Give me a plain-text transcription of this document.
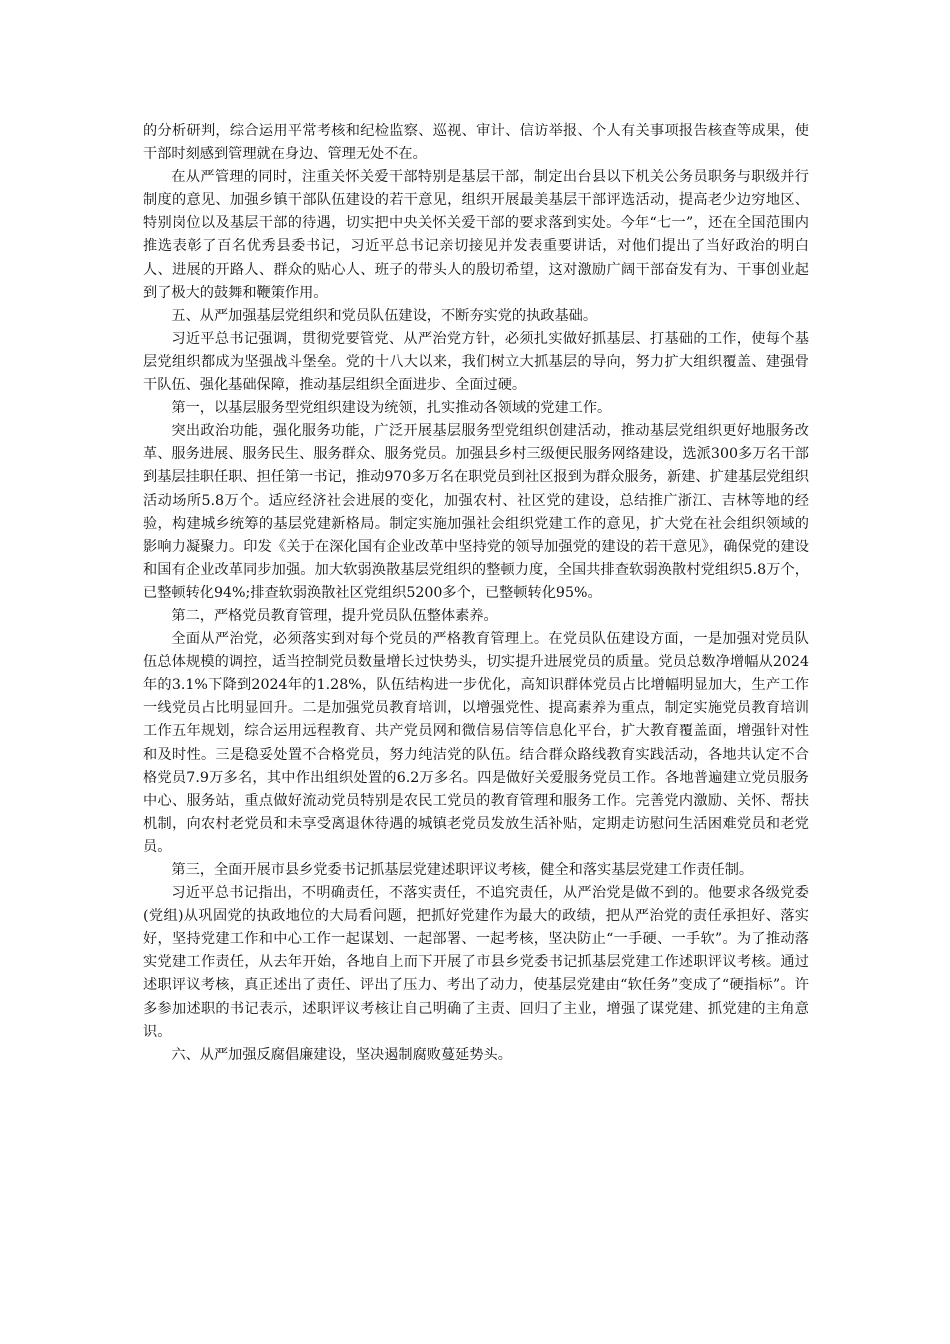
的分析研判，综合运用平常考核和纪检监察、巡视、审计、信访举报、个人有关事项报告核查等成果，使干部时刻感到管理就在身边、管理无处不在。

在从严管理的同时，注重关怀关爱干部特别是基层干部，制定出台县以下机关公务员职务与职级并行制度的意见、加强乡镇干部队伍建设的若干意见，组织开展最美基层干部评选活动，提高老少边穷地区、特别岗位以及基层干部的待遇，切实把中央关怀关爱干部的要求落到实处。今年“七一”，还在全国范围内推选表彰了百名优秀县委书记，习近平总书记亲切接见并发表重要讲话，对他们提出了当好政治的明白人、进展的开路人、群众的贴心人、班子的带头人的殷切希望，这对激励广阔干部奋发有为、干事创业起到了极大的鼓舞和鞭策作用。

五、从严加强基层党组织和党员队伍建设，不断夯实党的执政基础。

习近平总书记强调，贯彻党要管党、从严治党方针，必须扎实做好抓基层、打基础的工作，使每个基层党组织都成为坚强战斗堡垒。党的十八大以来，我们树立大抓基层的导向，努力扩大组织覆盖、建强骨干队伍、强化基础保障，推动基层组织全面进步、全面过硬。

第一，以基层服务型党组织建设为统领，扎实推动各领域的党建工作。

突出政治功能，强化服务功能，广泛开展基层服务型党组织创建活动，推动基层党组织更好地服务改革、服务进展、服务民生、服务群众、服务党员。加强县乡村三级便民服务网络建设，选派300多万名干部到基层挂职任职、担任第一书记，推动970多万名在职党员到社区报到为群众服务，新建、扩建基层党组织活动场所5.8万个。适应经济社会进展的变化，加强农村、社区党的建设，总结推广浙江、吉林等地的经验，构建城乡统筹的基层党建新格局。制定实施加强社会组织党建工作的意见，扩大党在社会组织领域的影响力凝聚力。印发《关于在深化国有企业改革中坚持党的领导加强党的建设的若干意见》，确保党的建设和国有企业改革同步加强。加大软弱涣散基层党组织的整顿力度，全国共排查软弱涣散村党组织5.8万个，已整顿转化94%;排查软弱涣散社区党组织5200多个，已整顿转化95%。

第二，严格党员教育管理，提升党员队伍整体素养。

全面从严治党，必须落实到对每个党员的严格教育管理上。在党员队伍建设方面，一是加强对党员队伍总体规模的调控，适当控制党员数量增长过快势头，切实提升进展党员的质量。党员总数净增幅从2024年的3.1%下降到2024年的1.28%，队伍结构进一步优化，高知识群体党员占比增幅明显加大，生产工作一线党员占比明显回升。二是加强党员教育培训，以增强党性、提高素养为重点，制定实施党员教育培训工作五年规划，综合运用远程教育、共产党员网和微信易信等信息化平台，扩大教育覆盖面，增强针对性和及时性。三是稳妥处置不合格党员，努力纯洁党的队伍。结合群众路线教育实践活动，各地共认定不合格党员7.9万多名，其中作出组织处置的6.2万多名。四是做好关爱服务党员工作。各地普遍建立党员服务中心、服务站，重点做好流动党员特别是农民工党员的教育管理和服务工作。完善党内激励、关怀、帮扶机制，向农村老党员和未享受离退休待遇的城镇老党员发放生活补贴，定期走访慰问生活困难党员和老党员。

第三，全面开展市县乡党委书记抓基层党建述职评议考核，健全和落实基层党建工作责任制。

习近平总书记指出，不明确责任，不落实责任，不追究责任，从严治党是做不到的。他要求各级党委(党组)从巩固党的执政地位的大局看问题，把抓好党建作为最大的政绩，把从严治党的责任承担好、落实好，坚持党建工作和中心工作一起谋划、一起部署、一起考核，坚决防止“一手硬、一手软”。为了推动落实党建工作责任，从去年开始，各地自上而下开展了市县乡党委书记抓基层党建工作述职评议考核。通过述职评议考核，真正述出了责任、评出了压力、考出了动力，使基层党建由“软任务”变成了“硬指标”。许多参加述职的书记表示，述职评议考核让自己明确了主责、回归了主业，增强了谋党建、抓党建的主角意识。

六、从严加强反腐倡廉建设，坚决遏制腐败蔓延势头。
